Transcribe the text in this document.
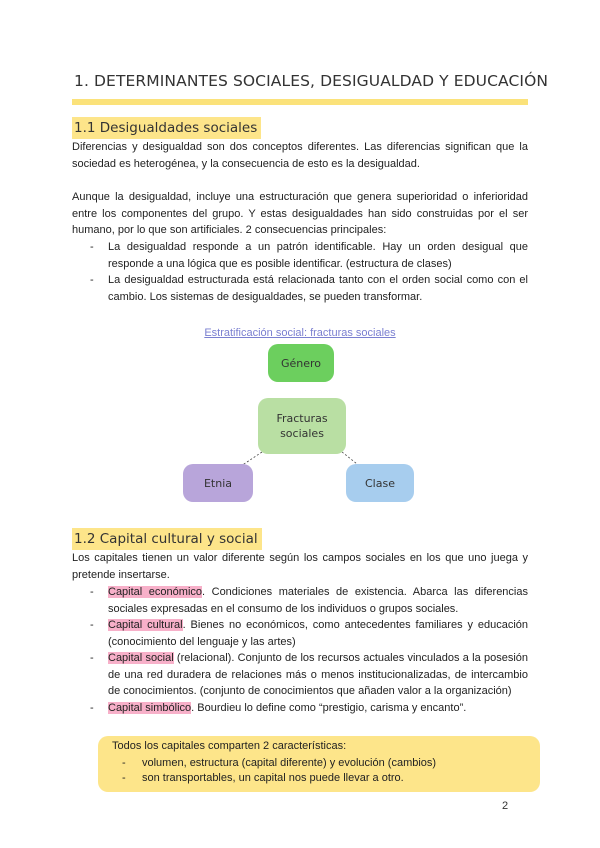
1. DETERMINANTES SOCIALES, DESIGUALDAD Y EDUCACIÓN
1.1 Desigualdades sociales
Diferencias y desigualdad son dos conceptos diferentes. Las diferencias significan que la sociedad es heterogénea, y la consecuencia de esto es la desigualdad.
Aunque la desigualdad, incluye una estructuración que genera superioridad o inferioridad entre los componentes del grupo. Y estas desigualdades han sido construidas por el ser humano, por lo que son artificiales. 2 consecuencias principales:
- La desigualdad responde a un patrón identificable. Hay un orden desigual que responde a una lógica que es posible identificar. (estructura de clases)
- La desigualdad estructurada está relacionada tanto con el orden social como con el cambio. Los sistemas de desigualdades, se pueden transformar.
Estratificación social: fracturas sociales
Género
Fracturas sociales
Etnia	Clase
1.2 Capital cultural y social
Los capitales tienen un valor diferente según los campos sociales en los que uno juega y pretende insertarse.
- Capital económico. Condiciones materiales de existencia. Abarca las diferencias sociales expresadas en el consumo de los individuos o grupos sociales.
- Capital cultural. Bienes no económicos, como antecedentes familiares y educación (conocimiento del lenguaje y las artes)
- Capital social (relacional). Conjunto de los recursos actuales vinculados a la posesión de una red duradera de relaciones más o menos institucionalizadas, de intercambio de conocimientos. (conjunto de conocimientos que añaden valor a la organización)
- Capital simbólico. Bourdieu lo define como “prestigio, carisma y encanto”.
Todos los capitales comparten 2 características:
- volumen, estructura (capital diferente) y evolución (cambios)
- son transportables, un capital nos puede llevar a otro.
2
